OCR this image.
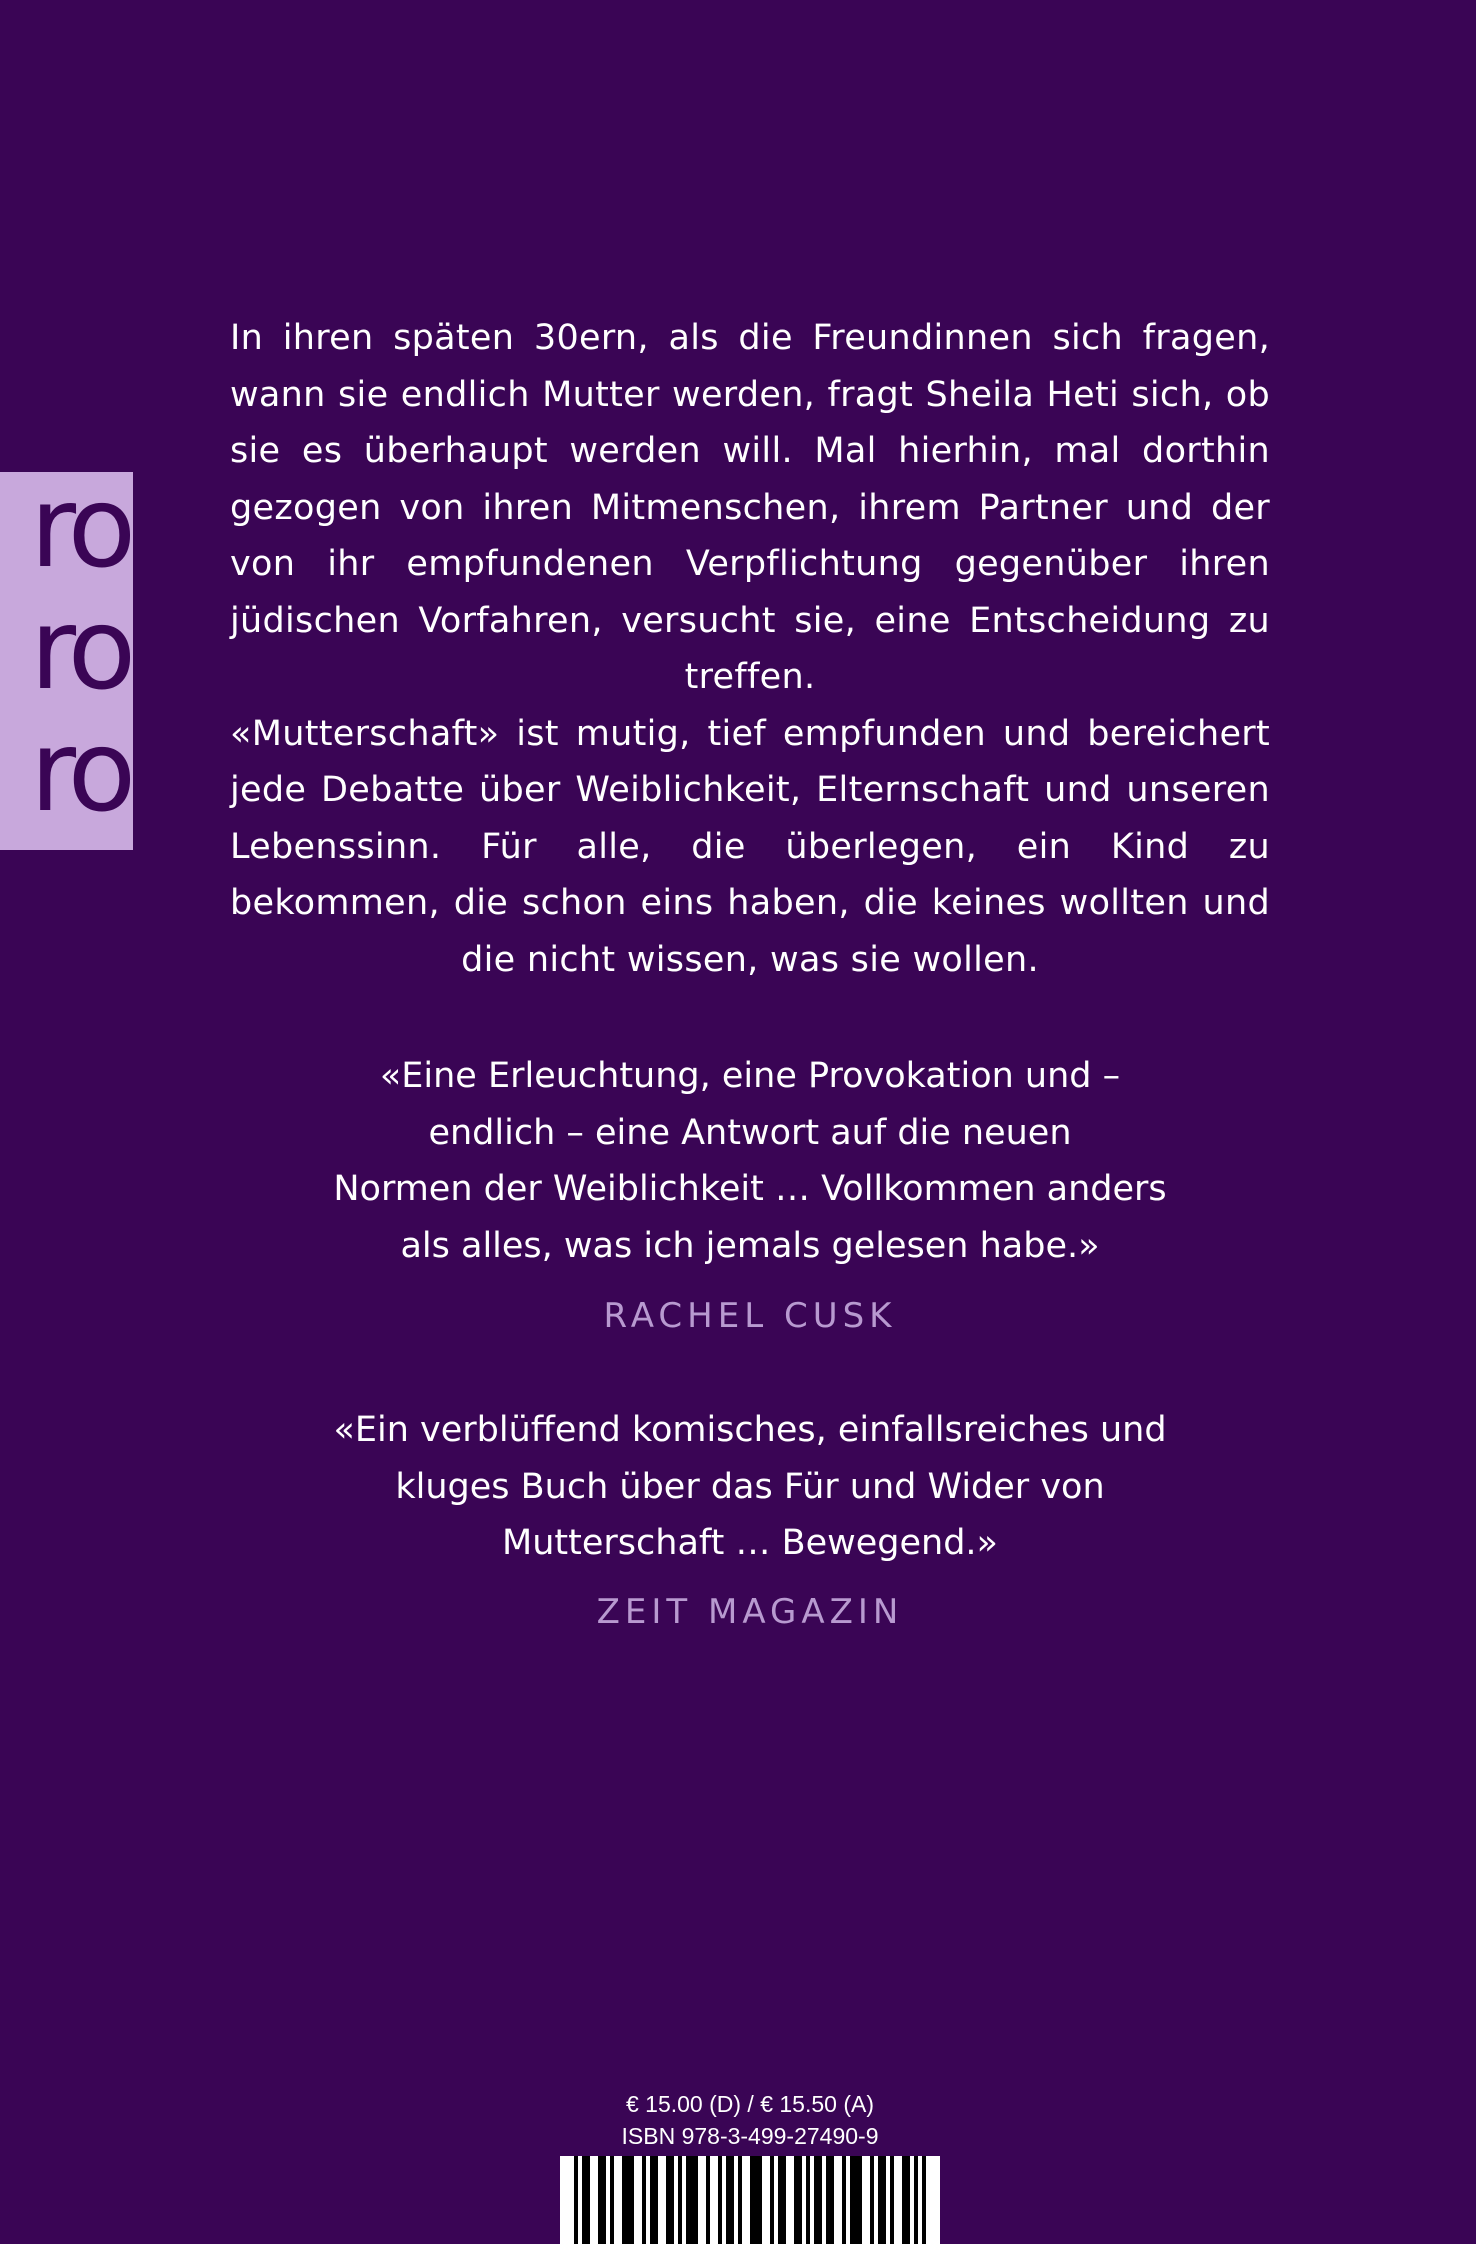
ro
ro
ro

In ihren späten 30ern, als die Freundinnen sich fragen, wann sie endlich Mutter werden, fragt Sheila Heti sich, ob sie es überhaupt werden will. Mal hierhin, mal dorthin gezogen von ihren Mitmenschen, ihrem Partner und der von ihr empfundenen Verpflichtung gegenüber ihren jüdischen Vorfahren, versucht sie, eine Entscheidung zu treffen.

«Mutterschaft» ist mutig, tief empfunden und bereichert jede Debatte über Weiblichkeit, Elternschaft und unseren Lebenssinn. Für alle, die überlegen, ein Kind zu bekommen, die schon eins haben, die keines wollten und die nicht wissen, was sie wollen.

«Eine Erleuchtung, eine Provokation und –
endlich – eine Antwort auf die neuen
Normen der Weiblichkeit … Vollkommen anders
als alles, was ich jemals gelesen habe.»

RACHEL CUSK

«Ein verblüffend komisches, einfallsreiches und
kluges Buch über das Für und Wider von
Mutterschaft … Bewegend.»

ZEIT MAGAZIN

€ 15.00 (D) / € 15.50 (A)
ISBN 978-3-499-27490-9
